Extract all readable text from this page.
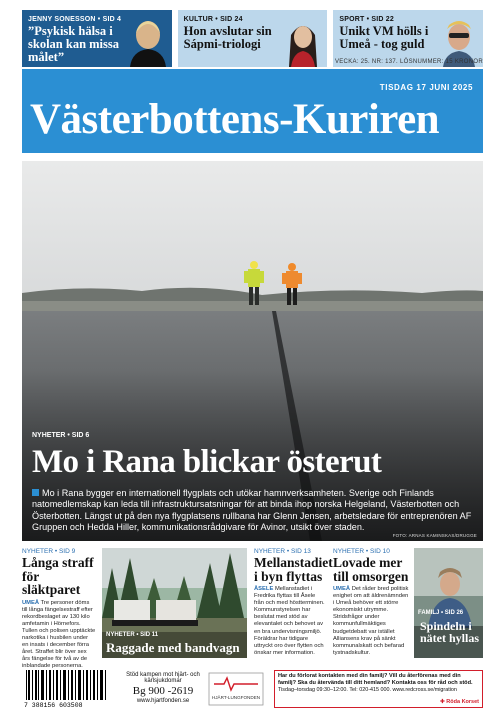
JENNY SONESSON • SID 4
”Psykisk hälsa i skolan kan missa målet”
KULTUR • SID 24
Hon avslutar sin Sápmi-triologi
SPORT • SID 22
Unikt VM hölls i Umeå - tog guld
VECKA: 25. NR: 137. LÖSNUMMER: 15 KRONOR
TISDAG 17 JUNI 2025
Västerbottens-Kuriren
NYHETER • SID 6
Mo i Rana blickar österut
Mo i Rana bygger en internationell flygplats och utökar hamnverksamheten. Sverige och Finlands natomedlemskap kan leda till infrastruktursatsningar för att binda ihop norska Helgeland, Västerbotten och Österbotten. Längst ut på den nya flygplatsens rullbana har Glenn Jensen, arbetsledare för entreprenören AF Gruppen och Hedda Hiller, kommunikationsrådgivare för Avinor, utsikt över staden.
FOTO: ARNAS KAMINSKAS/DRUGGE
NYHETER • SID 9
Långa straff för släktparet
UMEÅ Tre personer döms till långa fängelsestraff efter rekordbeslaget av 130 kilo amfetamin i Hörnefors. Tullen och polisen upptäckte narkotika i husbilen under en insats i december förra året. Straffet blir över sex års fängelse för två av de inblandade personerna.
NYHETER • SID 11
Raggade med bandvagn
NYHETER • SID 13
Mellanstadiet i byn flyttas
ÅSELE Mellanstadiet i Fredrika flyttas till Åsele från och med höstterminen. Kommunstyrelsen har beslutat med stöd av elevantalet och behovet av en bra undervisningsmiljö. Föräldrar har tidigare uttryckt oro över flytten och önskar mer information.
NYHETER • SID 10
Lovade mer till omsorgen
UMEÅ Det råder bred politisk enighet om att äldrenämnden i Umeå behöver ett större ekonomiskt utrymme. Stridsfrågor under kommunfullmäktiges budgetdebatt var istället Alliansens krav på sänkt kommunalskatt och befarad tystnadskultur.
FAMILJ • SID 26
Spindeln i nätet hyllas
7 388156 603508
Stöd kampen mot hjärt- och kärlsjukdomar
Bg 900 -2619
www.hjartfonden.se
HJÄRT-LUNGFONDEN
Har du förlorat kontakten med din familj? Vill du återförenas med din familj? Ska du återvända till ditt hemland? Kontakta oss för råd och stöd.
Tisdag–torsdag 09:30–12:00. Tel: 020-415 000. www.redcross.se/migration
✚ Röda Korset
